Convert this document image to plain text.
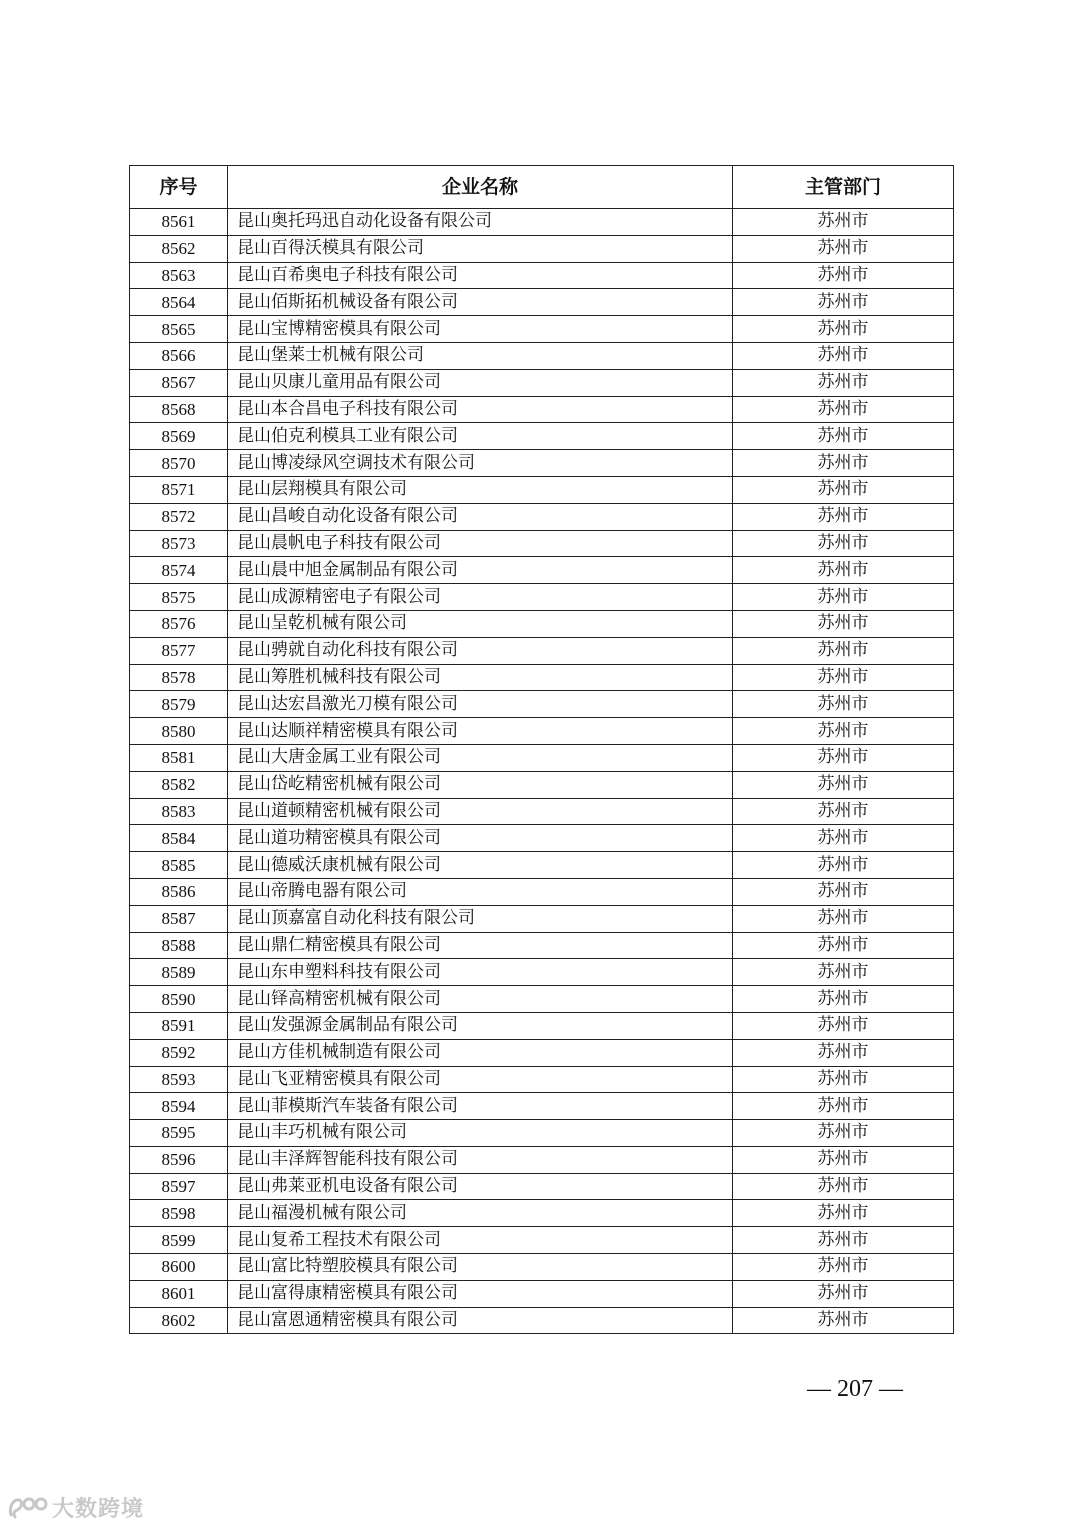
序号	企业名称	主管部门
8561	昆山奥托玛迅自动化设备有限公司	苏州市
8562	昆山百得沃模具有限公司	苏州市
8563	昆山百希奥电子科技有限公司	苏州市
8564	昆山佰斯拓机械设备有限公司	苏州市
8565	昆山宝博精密模具有限公司	苏州市
8566	昆山堡莱士机械有限公司	苏州市
8567	昆山贝康儿童用品有限公司	苏州市
8568	昆山本合昌电子科技有限公司	苏州市
8569	昆山伯克利模具工业有限公司	苏州市
8570	昆山博凌绿风空调技术有限公司	苏州市
8571	昆山层翔模具有限公司	苏州市
8572	昆山昌峻自动化设备有限公司	苏州市
8573	昆山晨帆电子科技有限公司	苏州市
8574	昆山晨中旭金属制品有限公司	苏州市
8575	昆山成源精密电子有限公司	苏州市
8576	昆山呈乾机械有限公司	苏州市
8577	昆山骋就自动化科技有限公司	苏州市
8578	昆山筹胜机械科技有限公司	苏州市
8579	昆山达宏昌激光刀模有限公司	苏州市
8580	昆山达顺祥精密模具有限公司	苏州市
8581	昆山大唐金属工业有限公司	苏州市
8582	昆山岱屹精密机械有限公司	苏州市
8583	昆山道顿精密机械有限公司	苏州市
8584	昆山道功精密模具有限公司	苏州市
8585	昆山德威沃康机械有限公司	苏州市
8586	昆山帝腾电器有限公司	苏州市
8587	昆山顶嘉富自动化科技有限公司	苏州市
8588	昆山鼎仁精密模具有限公司	苏州市
8589	昆山东申塑料科技有限公司	苏州市
8590	昆山铎高精密机械有限公司	苏州市
8591	昆山发强源金属制品有限公司	苏州市
8592	昆山方佳机械制造有限公司	苏州市
8593	昆山飞亚精密模具有限公司	苏州市
8594	昆山菲模斯汽车装备有限公司	苏州市
8595	昆山丰巧机械有限公司	苏州市
8596	昆山丰泽辉智能科技有限公司	苏州市
8597	昆山弗莱亚机电设备有限公司	苏州市
8598	昆山福漫机械有限公司	苏州市
8599	昆山复希工程技术有限公司	苏州市
8600	昆山富比特塑胶模具有限公司	苏州市
8601	昆山富得康精密模具有限公司	苏州市
8602	昆山富恩通精密模具有限公司	苏州市
— 207 —
大数跨境
